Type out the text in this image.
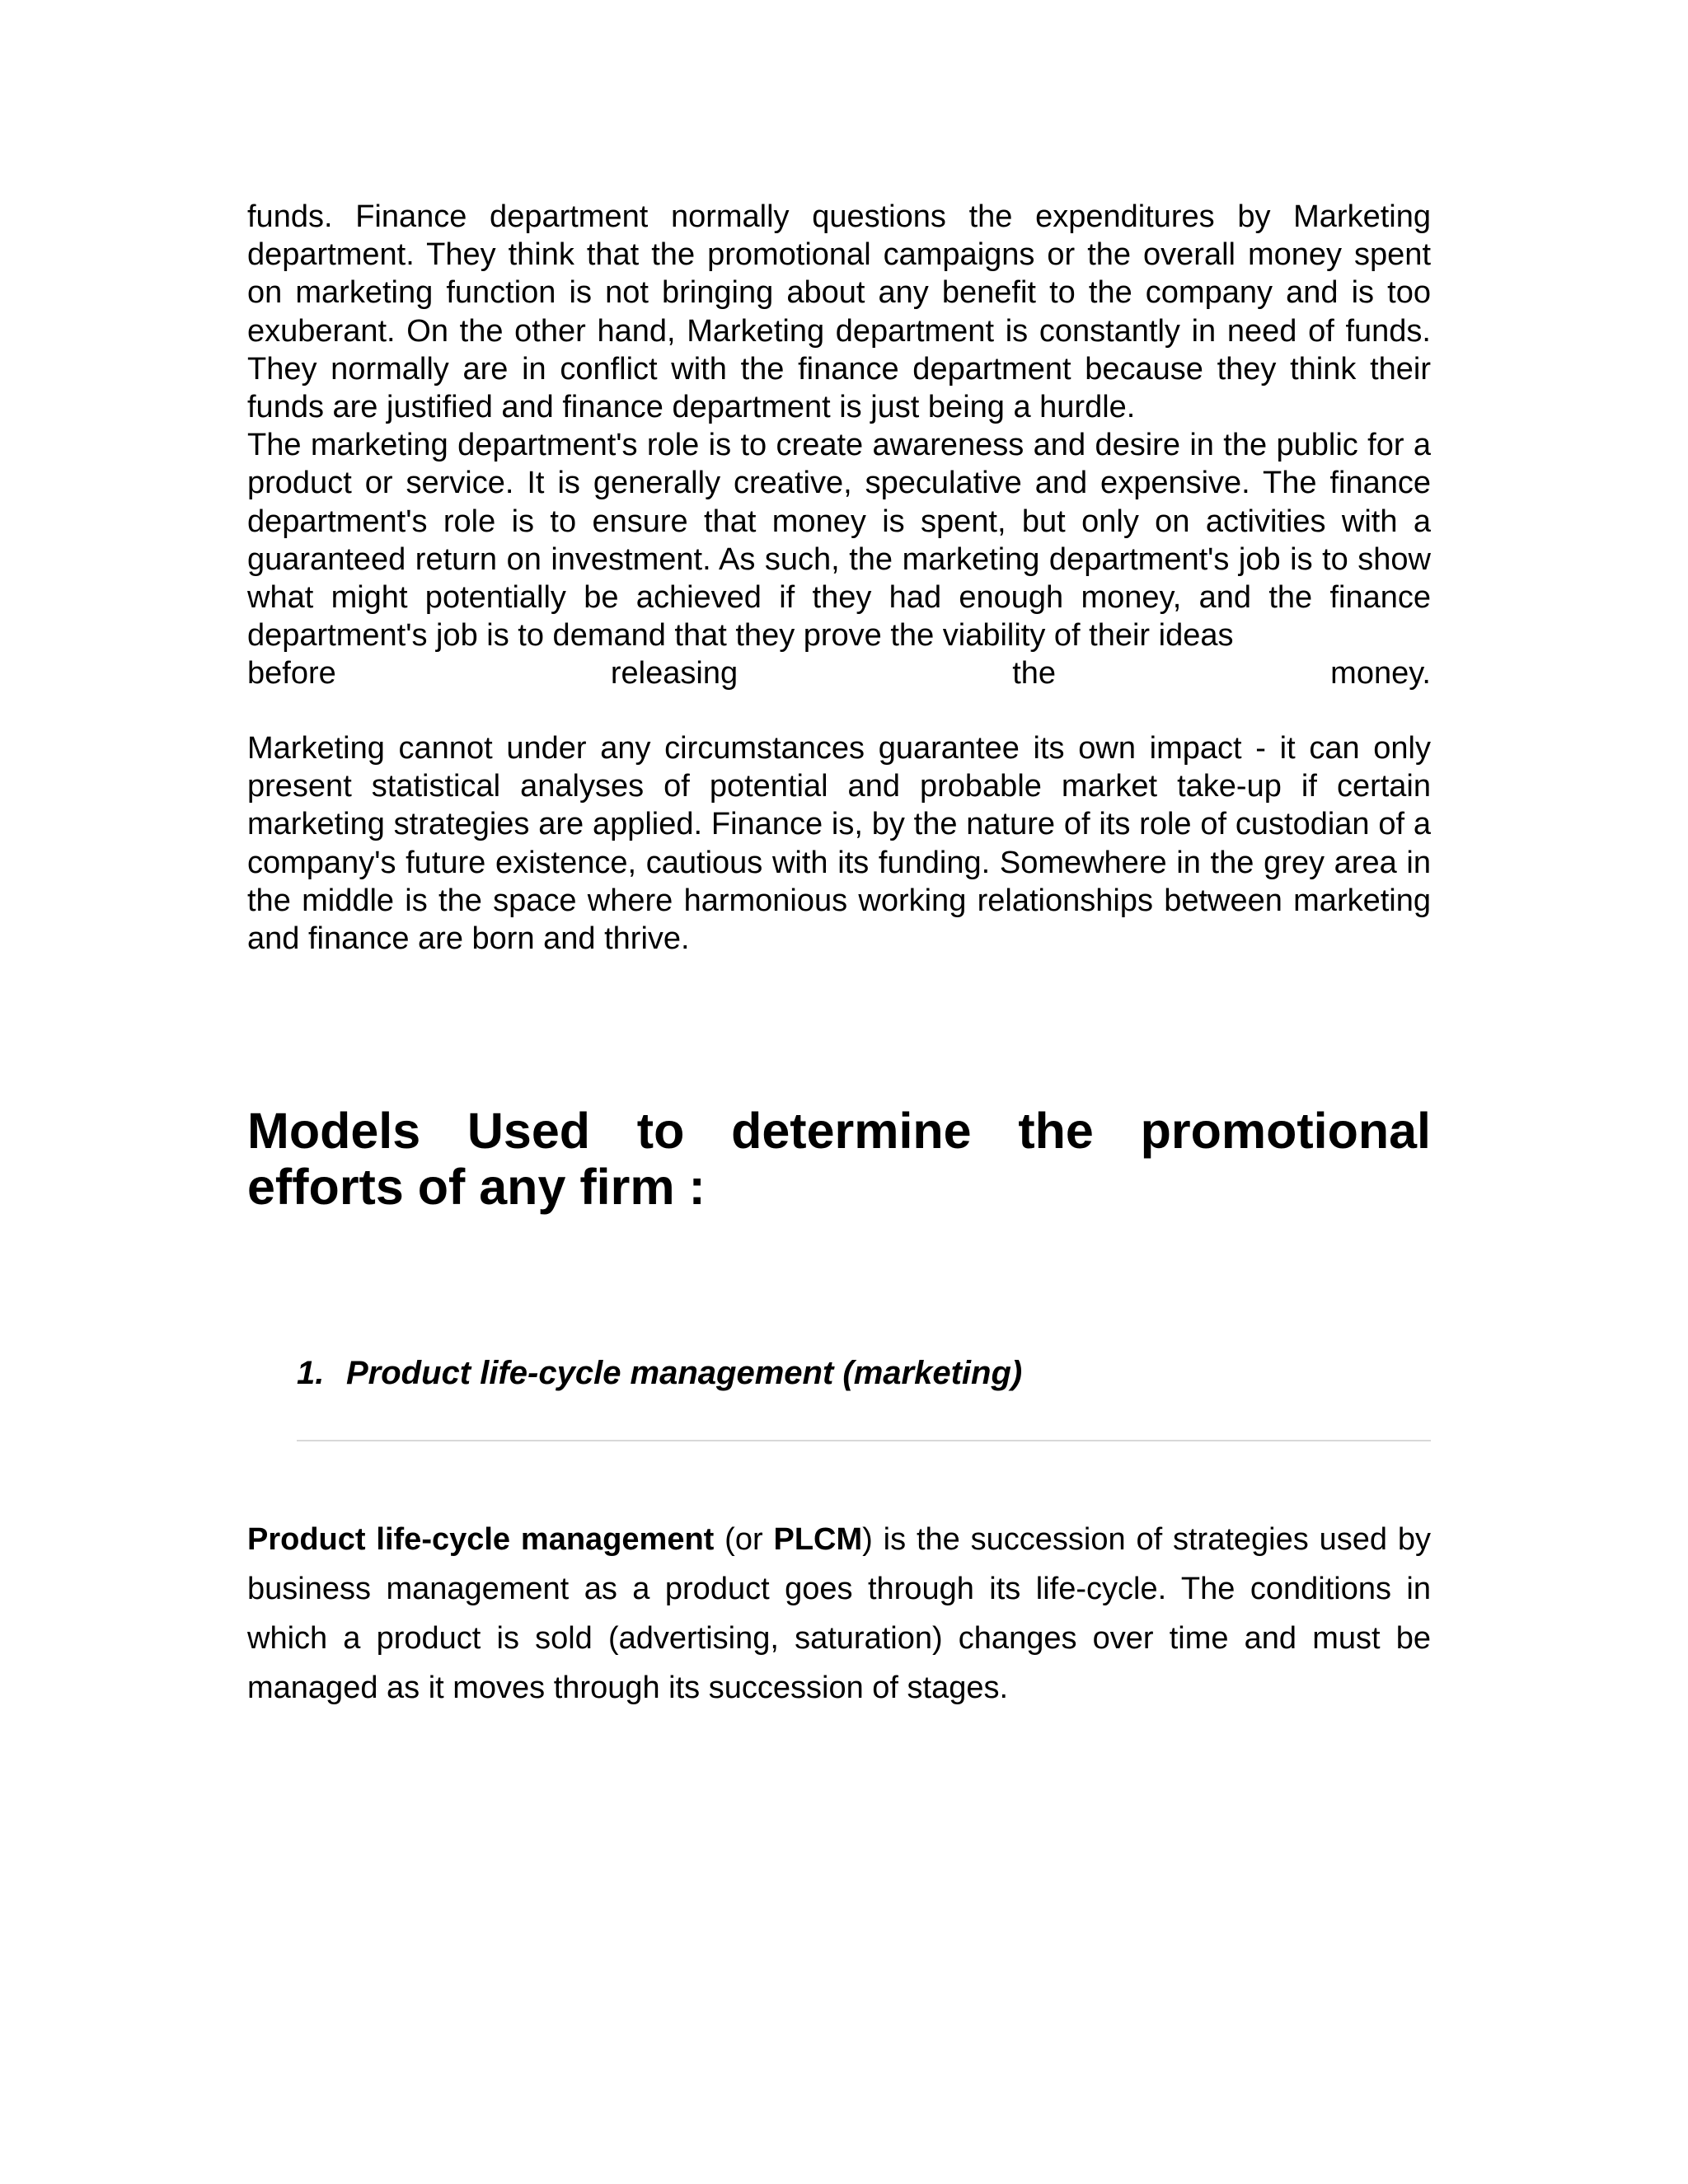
funds. Finance department normally questions the expenditures by Marketing department. They think that the promotional campaigns or the overall money spent on marketing function is not bringing about any benefit to the company and is too exuberant. On the other hand, Marketing department is constantly in need of funds. They normally are in conflict with the finance department because they think their funds are justified and finance department is just being a hurdle.
The marketing department's role is to create awareness and desire in the public for a product or service. It is generally creative, speculative and expensive. The finance department's role is to ensure that money is spent, but only on activities with a guaranteed return on investment. As such, the marketing department's job is to show what might potentially be achieved if they had enough money, and the finance department's job is to demand that they prove the viability of their ideas
before	releasing	the	money.
Marketing cannot under any circumstances guarantee its own impact - it can only present statistical analyses of potential and probable market take-up if certain marketing strategies are applied. Finance is, by the nature of its role of custodian of a company's future existence, cautious with its funding. Somewhere in the grey area in the middle is the space where harmonious working relationships between marketing and finance are born and thrive.
Models Used to determine the promotional efforts of any firm :
1. Product life-cycle management (marketing)
Product life-cycle management (or PLCM) is the succession of strategies used by business management as a product goes through its life-cycle. The conditions in which a product is sold (advertising, saturation) changes over time and must be managed as it moves through its succession of stages.
